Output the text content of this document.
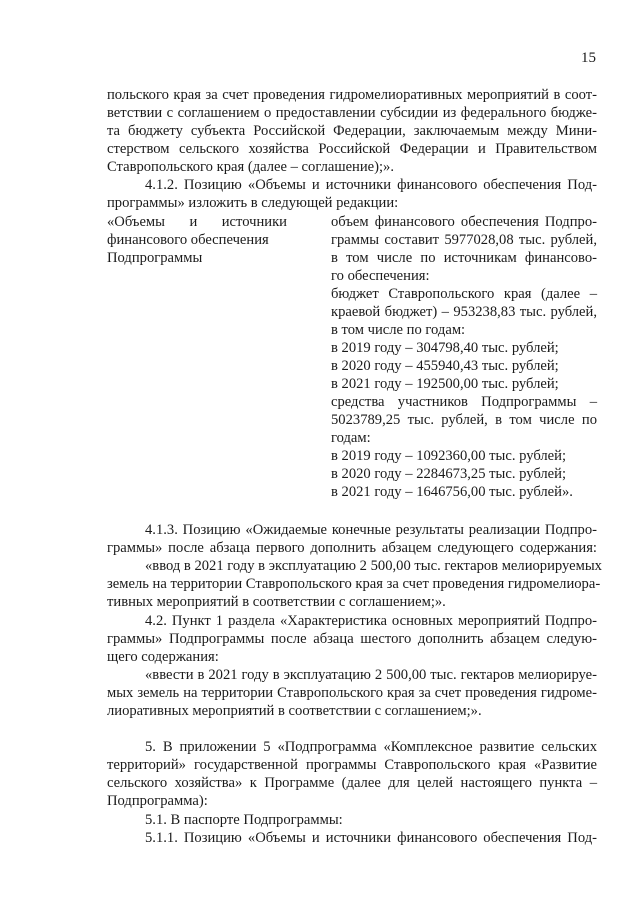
15
польского края за счет проведения гидромелиоративных мероприятий в соот-
ветствии с соглашением о предоставлении субсидии из федерального бюдже-
та бюджету субъекта Российской Федерации, заключаемым между Мини-
стерством сельского хозяйства Российской Федерации и Правительством
Ставропольского края (далее – соглашение);».
4.1.2. Позицию «Объемы и источники финансового обеспечения Под-
программы» изложить в следующей редакции:
«Объемы и источники
финансового обеспечения
Подпрограммы
объем финансового обеспечения Подпро-
граммы составит 5977028,08 тыс. рублей,
в том числе по источникам финансово-
го обеспечения:
бюджет Ставропольского края (далее –
краевой бюджет) – 953238,83 тыс. рублей,
в том числе по годам:
в 2019 году – 304798,40 тыс. рублей;
в 2020 году – 455940,43 тыс. рублей;
в 2021 году – 192500,00 тыс. рублей;
средства участников Подпрограммы –
5023789,25 тыс. рублей, в том числе по
годам:
в 2019 году – 1092360,00 тыс. рублей;
в 2020 году – 2284673,25 тыс. рублей;
в 2021 году – 1646756,00 тыс. рублей».
4.1.3. Позицию «Ожидаемые конечные результаты реализации Подпро-
граммы» после абзаца первого дополнить абзацем следующего содержания:
«ввод в 2021 году в эксплуатацию 2 500,00 тыс. гектаров мелиорируемых
земель на территории Ставропольского края за счет проведения гидромелиора-
тивных мероприятий в соответствии с соглашением;».
4.2. Пункт 1 раздела «Характеристика основных мероприятий Подпро-
граммы» Подпрограммы после абзаца шестого дополнить абзацем следую-
щего содержания:
«ввести в 2021 году в эксплуатацию 2 500,00 тыс. гектаров мелиорируе-
мых земель на территории Ставропольского края за счет проведения гидроме-
лиоративных мероприятий в соответствии с соглашением;».
5. В приложении 5 «Подпрограмма «Комплексное развитие сельских
территорий» государственной программы Ставропольского края «Развитие
сельского хозяйства» к Программе (далее для целей настоящего пункта –
Подпрограмма):
5.1. В паспорте Подпрограммы:
5.1.1. Позицию «Объемы и источники финансового обеспечения Под-
